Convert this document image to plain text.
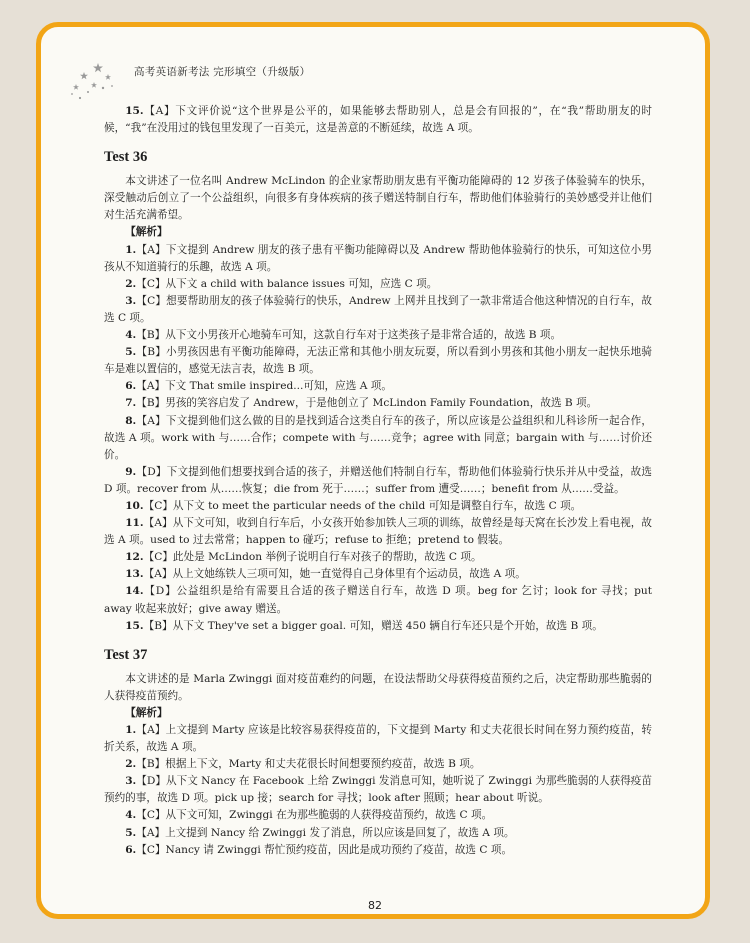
高考英语新考法 完形填空（升级版）

15.【A】下文评价说“这个世界是公平的，如果能够去帮助别人，总是会有回报的”，在“我”帮助朋友的时候，“我”在没用过的钱包里发现了一百美元，这是善意的不断延续，故选 A 项。

Test 36

本文讲述了一位名叫 Andrew McLindon 的企业家帮助朋友患有平衡功能障碍的 12 岁孩子体验骑车的快乐，深受触动后创立了一个公益组织，向很多有身体疾病的孩子赠送特制自行车，帮助他们体验骑行的美妙感受并让他们对生活充满希望。

【解析】

1.【A】下文提到 Andrew 朋友的孩子患有平衡功能障碍以及 Andrew 帮助他体验骑行的快乐，可知这位小男孩从不知道骑行的乐趣，故选 A 项。

2.【C】从下文 a child with balance issues 可知，应选 C 项。

3.【C】想要帮助朋友的孩子体验骑行的快乐，Andrew 上网并且找到了一款非常适合他这种情况的自行车，故选 C 项。

4.【B】从下文小男孩开心地骑车可知，这款自行车对于这类孩子是非常合适的，故选 B 项。

5.【B】小男孩因患有平衡功能障碍，无法正常和其他小朋友玩耍，所以看到小男孩和其他小朋友一起快乐地骑车是难以置信的，感觉无法言表，故选 B 项。

6.【A】下文 That smile inspired...可知，应选 A 项。

7.【B】男孩的笑容启发了 Andrew，于是他创立了 McLindon Family Foundation，故选 B 项。

8.【A】下文提到他们这么做的目的是找到适合这类自行车的孩子，所以应该是公益组织和儿科诊所一起合作，故选 A 项。work with 与……合作；compete with 与……竞争；agree with 同意；bargain with 与……讨价还价。

9.【D】下文提到他们想要找到合适的孩子，并赠送他们特制自行车，帮助他们体验骑行快乐并从中受益，故选 D 项。recover from 从……恢复；die from 死于……；suffer from 遭受……；benefit from 从……受益。

10.【C】从下文 to meet the particular needs of the child 可知是调整自行车，故选 C 项。

11.【A】从下文可知，收到自行车后，小女孩开始参加铁人三项的训练，故曾经是每天窝在长沙发上看电视，故选 A 项。used to 过去常常；happen to 碰巧；refuse to 拒绝；pretend to 假装。

12.【C】此处是 McLindon 举例子说明自行车对孩子的帮助，故选 C 项。

13.【A】从上文她练铁人三项可知，她一直觉得自己身体里有个运动员，故选 A 项。

14.【D】公益组织是给有需要且合适的孩子赠送自行车，故选 D 项。beg for 乞讨；look for 寻找；put away 收起来放好；give away 赠送。

15.【B】从下文 They've set a bigger goal. 可知，赠送 450 辆自行车还只是个开始，故选 B 项。

Test 37

本文讲述的是 Marla Zwinggi 面对疫苗难约的问题，在设法帮助父母获得疫苗预约之后，决定帮助那些脆弱的人获得疫苗预约。

【解析】

1.【A】上文提到 Marty 应该是比较容易获得疫苗的，下文提到 Marty 和丈夫花很长时间在努力预约疫苗，转折关系，故选 A 项。

2.【B】根据上下文，Marty 和丈夫花很长时间想要预约疫苗，故选 B 项。

3.【D】从下文 Nancy 在 Facebook 上给 Zwinggi 发消息可知，她听说了 Zwinggi 为那些脆弱的人获得疫苗预约的事，故选 D 项。pick up 接；search for 寻找；look after 照顾；hear about 听说。

4.【C】从下文可知，Zwinggi 在为那些脆弱的人获得疫苗预约，故选 C 项。

5.【A】上文提到 Nancy 给 Zwinggi 发了消息，所以应该是回复了，故选 A 项。

6.【C】Nancy 请 Zwinggi 帮忙预约疫苗，因此是成功预约了疫苗，故选 C 项。

82
